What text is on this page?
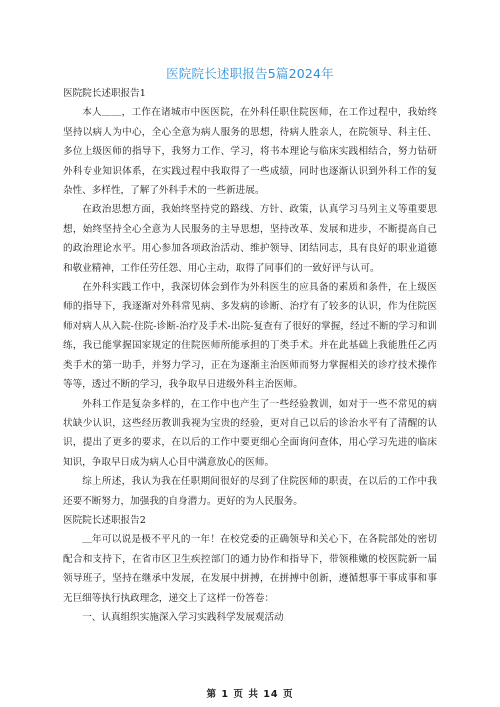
医院院长述职报告5篇2024年

医院院长述职报告1

本人＿＿，工作在诸城市中医医院，在外科任职住院医师，在工作过程中，我始终坚持以病人为中心，全心全意为病人服务的思想，待病人胜亲人，在院领导、科主任、多位上级医师的指导下，我努力工作、学习，将书本理论与临床实践相结合，努力钻研外科专业知识体系，在实践过程中我取得了一些成绩，同时也逐渐认识到外科工作的复杂性、多样性，了解了外科手术的一些新进展。

在政治思想方面，我始终坚持党的路线、方针、政策，认真学习马列主义等重要思想，始终坚持全心全意为人民服务的主导思想，坚持改革、发展和进步，不断提高自己的政治理论水平。用心参加各项政治活动、维护领导、团结同志，具有良好的职业道德和敬业精神，工作任劳任怨、用心主动，取得了同事们的一致好评与认可。

在外科实践工作中，我深切体会到作为外科医生的应具备的素质和条件，在上级医师的指导下，我逐渐对外科常见病、多发病的诊断、治疗有了较多的认识，作为住院医师对病人从入院-住院-诊断-治疗及手术-出院-复查有了很好的掌握，经过不断的学习和训练，我已能掌握国家规定的住院医师所能承担的丁类手术。并在此基础上我能胜任乙丙类手术的第一助手，并努力学习，正在为逐渐主治医师而努力掌握相关的诊疗技术操作等等，透过不断的学习，我争取早日进级外科主治医师。

外科工作是复杂多样的，在工作中也产生了一些经验教训，如对于一些不常见的病状缺少认识，这些经历教训我视为宝贵的经验，更对自己以后的诊治水平有了清醒的认识，提出了更多的要求，在以后的工作中要更细心全面询问查体，用心学习先进的临床知识，争取早日成为病人心目中满意放心的医师。

综上所述，我认为我在任职期间很好的尽到了住院医师的职责，在以后的工作中我还要不断努力，加强我的自身潜力。更好的为人民服务。

医院院长述职报告2

＿年可以说是极不平凡的一年！在校党委的正确领导和关心下，在各院部处的密切配合和支持下，在省市区卫生疾控部门的通力协作和指导下，带领稚嫩的校医院新一届领导班子，坚持在继承中发展，在发展中拼搏，在拼搏中创新，遵循想事干事成事和事无巨细等执行执政理念，递交上了这样一份答卷：

一、认真组织实施深入学习实践科学发展观活动

第 1 页 共 14 页
